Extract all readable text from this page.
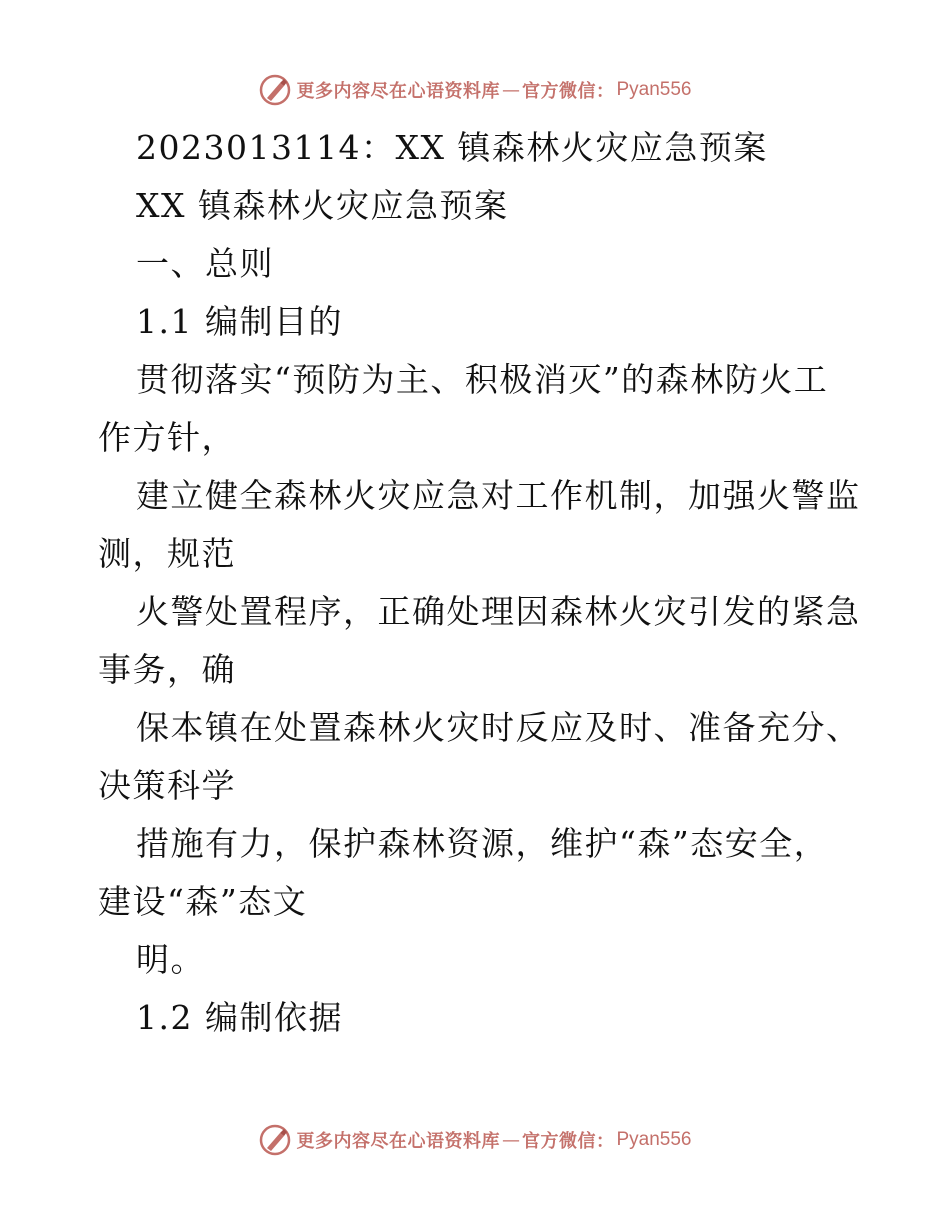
更多内容尽在心语资料库 — 官方微信： Pyan556
2023013114：XX 镇森林火灾应急预案
XX 镇森林火灾应急预案
一、总则
1.1 编制目的
贯彻落实“预防为主、积极消灭”的森林防火工
作方针，
建立健全森林火灾应急对工作机制，加强火警监
测，规范
火警处置程序，正确处理因森林火灾引发的紧急
事务，确
保本镇在处置森林火灾时反应及时、准备充分、
决策科学
措施有力，保护森林资源，维护“森”态安全，
建设“森”态文
明。
1.2 编制依据
更多内容尽在心语资料库 — 官方微信： Pyan556
